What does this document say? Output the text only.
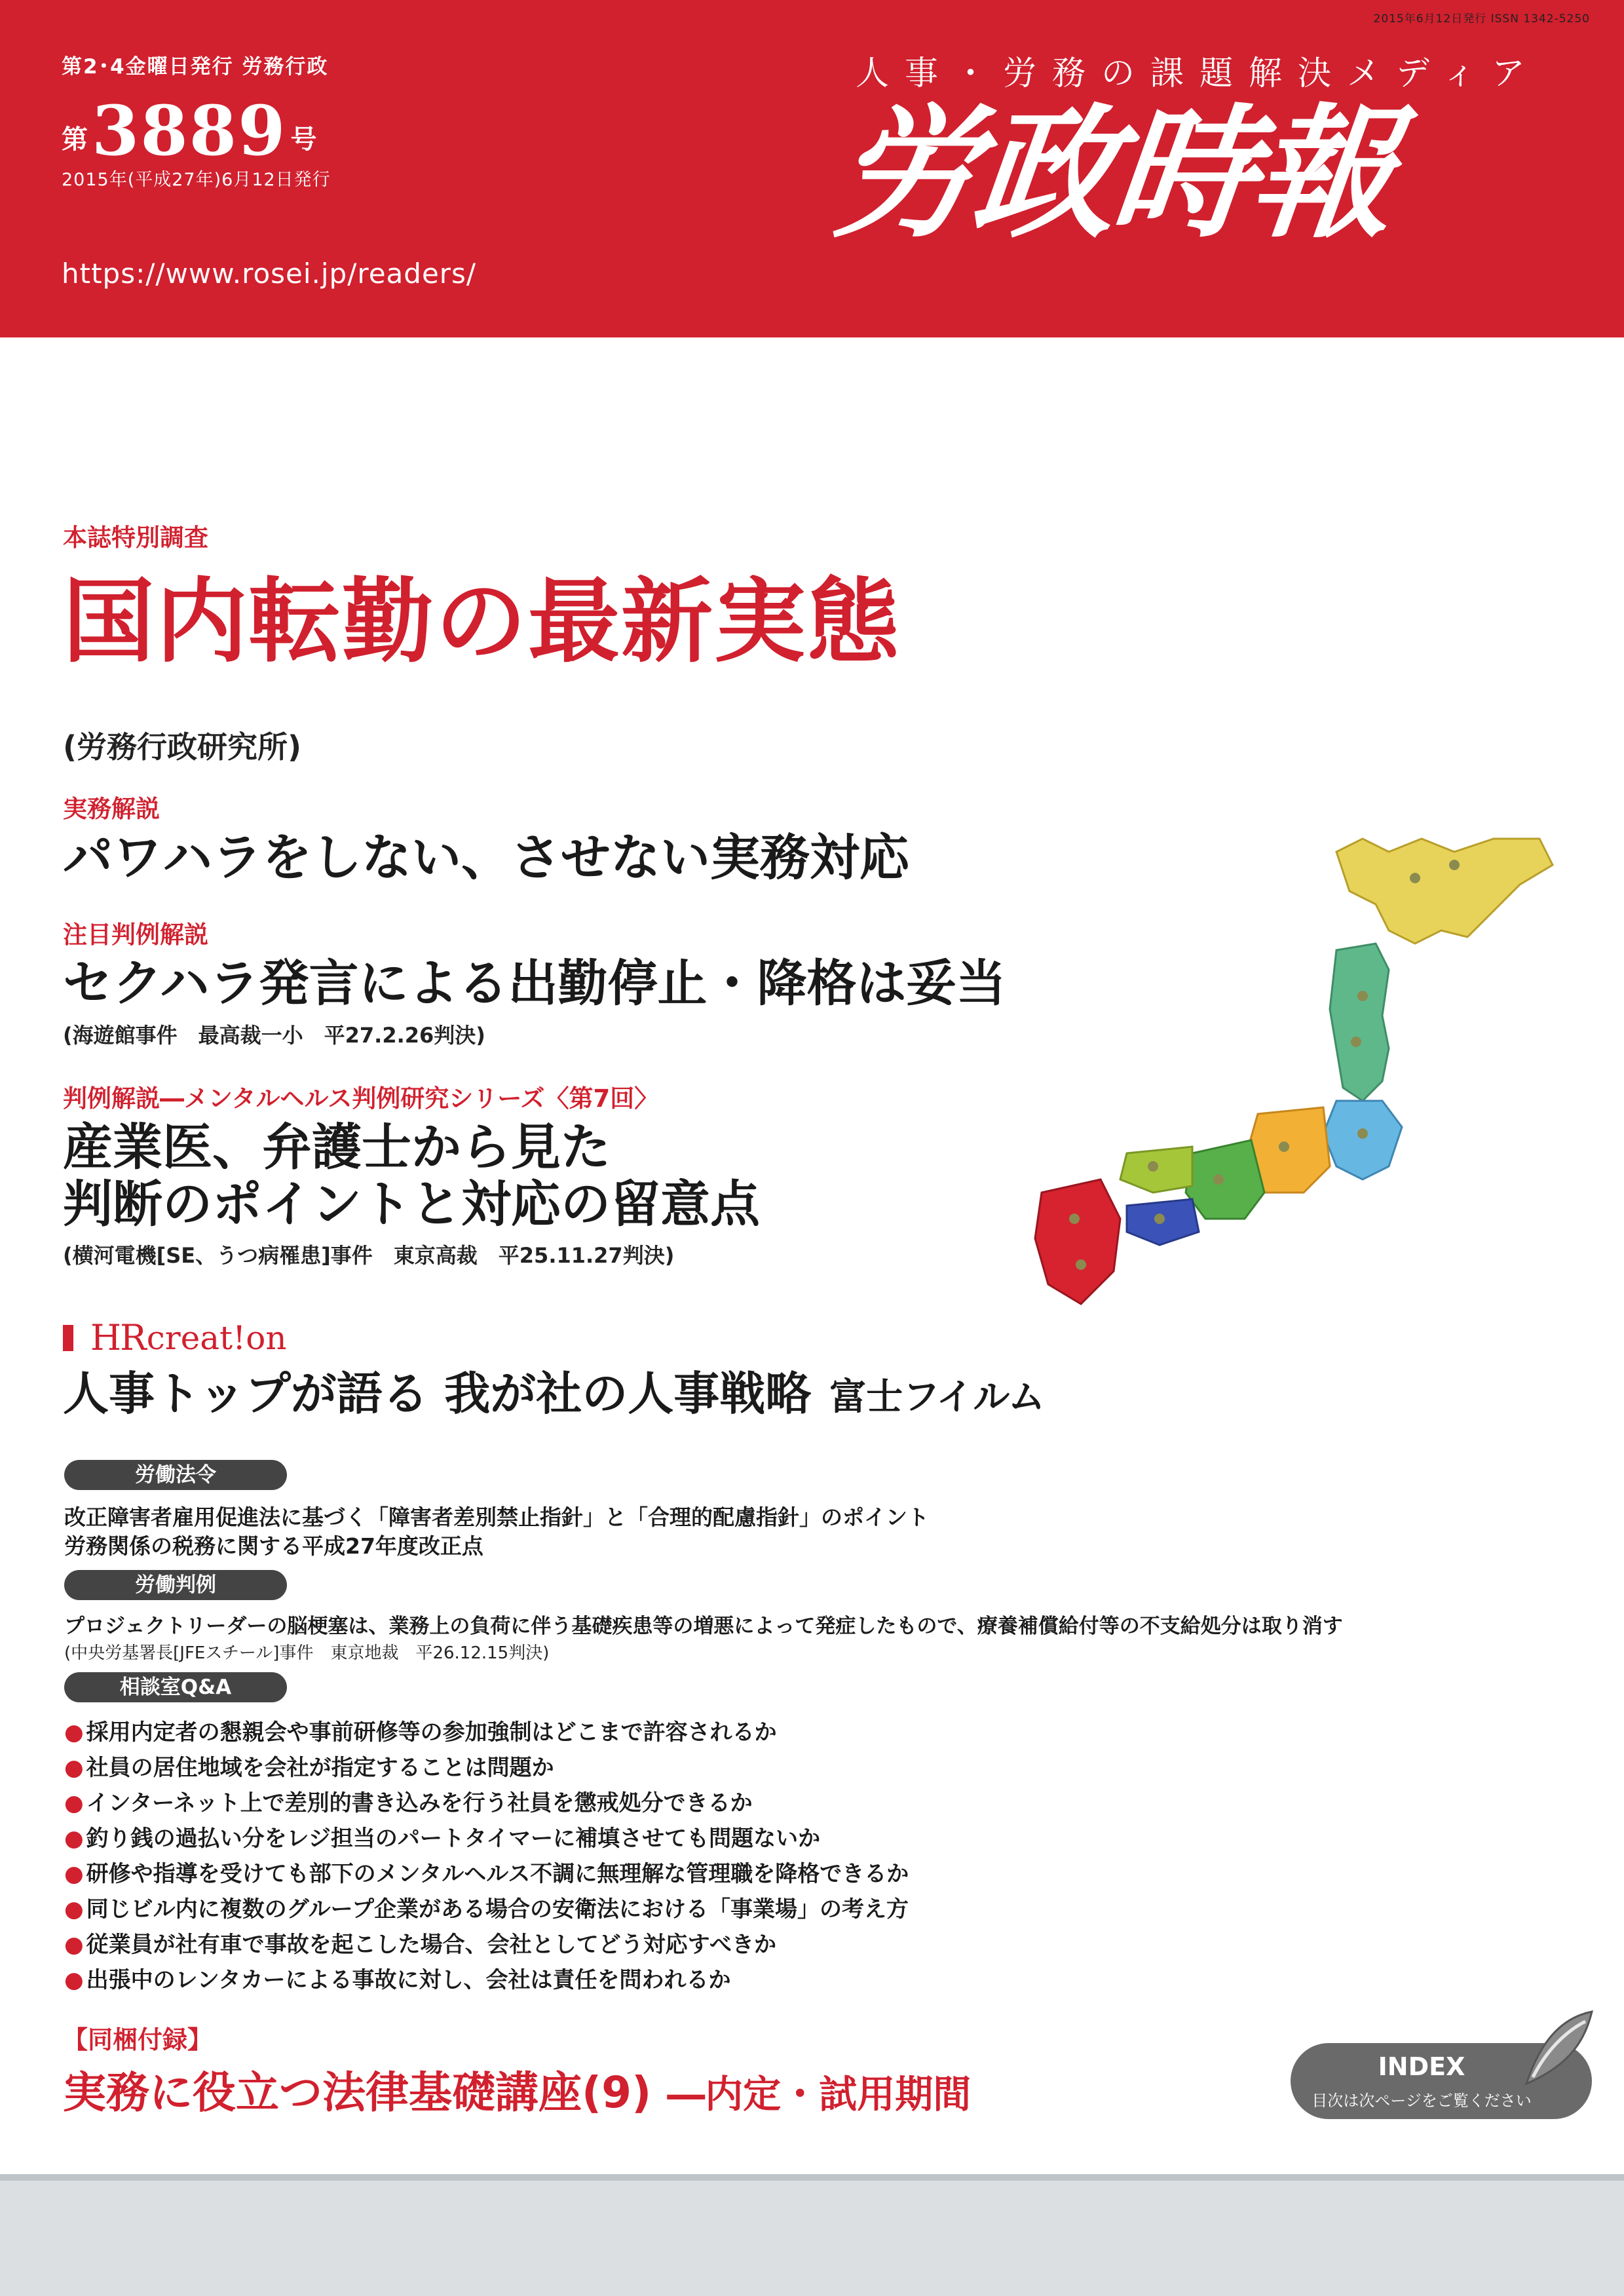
2015年6月12日発行 ISSN 1342-5250
第2･4金曜日発行 労務行政
第3889 号
2015年(平成27年)6月12日発行
https://www.rosei.jp/readers/
人事・労務の課題解決メディア
労政時報
本誌特別調査
国内転勤の最新実態
(労務行政研究所)
実務解説
パワハラをしない、させない実務対応
注目判例解説
セクハラ発言による出勤停止・降格は妥当
(海遊館事件　最高裁一小　平27.2.26判決)
判例解説―メンタルヘルス判例研究シリーズ〈第7回〉
産業医、弁護士から見た
判断のポイントと対応の留意点
(横河電機[SE、うつ病罹患]事件　東京高裁　平25.11.27判決)
HR creat!on
人事トップが語る 我が社の人事戦略 富士フイルム
労働法令
改正障害者雇用促進法に基づく「障害者差別禁止指針」と「合理的配慮指針」のポイント
労務関係の税務に関する平成27年度改正点
労働判例
プロジェクトリーダーの脳梗塞は、業務上の負荷に伴う基礎疾患等の増悪によって発症したもので、療養補償給付等の不支給処分は取り消す
(中央労基署長[JFEスチール]事件　東京地裁　平26.12.15判決)
相談室Q&A
● 採用内定者の懇親会や事前研修等の参加強制はどこまで許容されるか
● 社員の居住地域を会社が指定することは問題か
● インターネット上で差別的書き込みを行う社員を懲戒処分できるか
● 釣り銭の過払い分をレジ担当のパートタイマーに補填させても問題ないか
● 研修や指導を受けても部下のメンタルヘルス不調に無理解な管理職を降格できるか
● 同じビル内に複数のグループ企業がある場合の安衛法における「事業場」の考え方
● 従業員が社有車で事故を起こした場合、会社としてどう対応すべきか
● 出張中のレンタカーによる事故に対し、会社は責任を問われるか
【同梱付録】
実務に役立つ法律基礎講座(9) ―内定・試用期間
INDEX
目次は次ページをご覧ください
